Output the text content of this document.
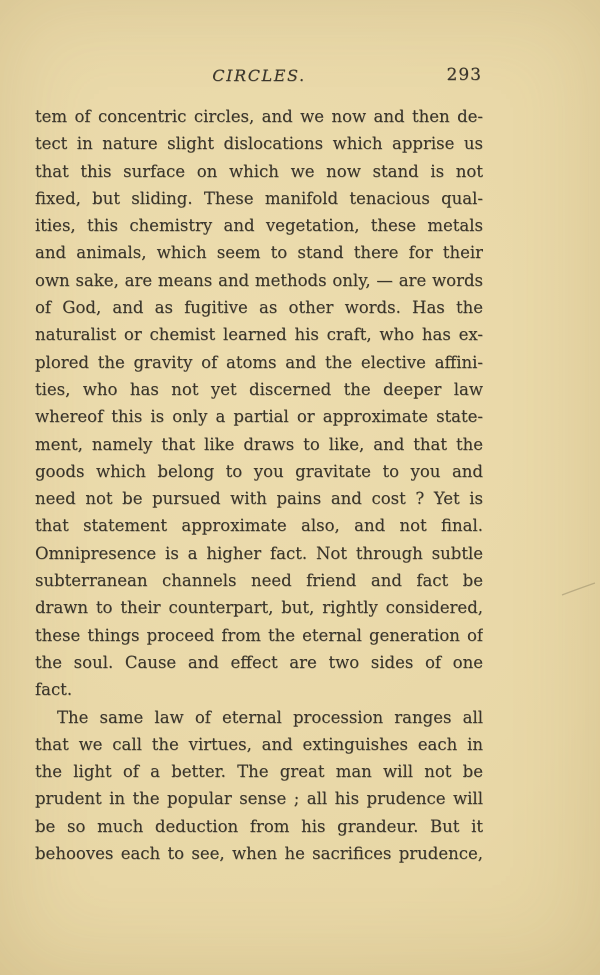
CIRCLES.	293
tem of concentric circles, and we now and then de-
tect in nature slight dislocations which apprise us
that this surface on which we now stand is not
fixed, but sliding. These manifold tenacious qual-
ities, this chemistry and vegetation, these metals
and animals, which seem to stand there for their
own sake, are means and methods only, — are words
of God, and as fugitive as other words. Has the
naturalist or chemist learned his craft, who has ex-
plored the gravity of atoms and the elective affini-
ties, who has not yet discerned the deeper law
whereof this is only a partial or approximate state-
ment, namely that like draws to like, and that the
goods which belong to you gravitate to you and
need not be pursued with pains and cost ? Yet is
that statement approximate also, and not final.
Omnipresence is a higher fact. Not through subtle
subterranean channels need friend and fact be
drawn to their counterpart, but, rightly considered,
these things proceed from the eternal generation of
the soul. Cause and effect are two sides of one
fact.
The same law of eternal procession ranges all
that we call the virtues, and extinguishes each in
the light of a better. The great man will not be
prudent in the popular sense ; all his prudence will
be so much deduction from his grandeur. But it
behooves each to see, when he sacrifices prudence,
